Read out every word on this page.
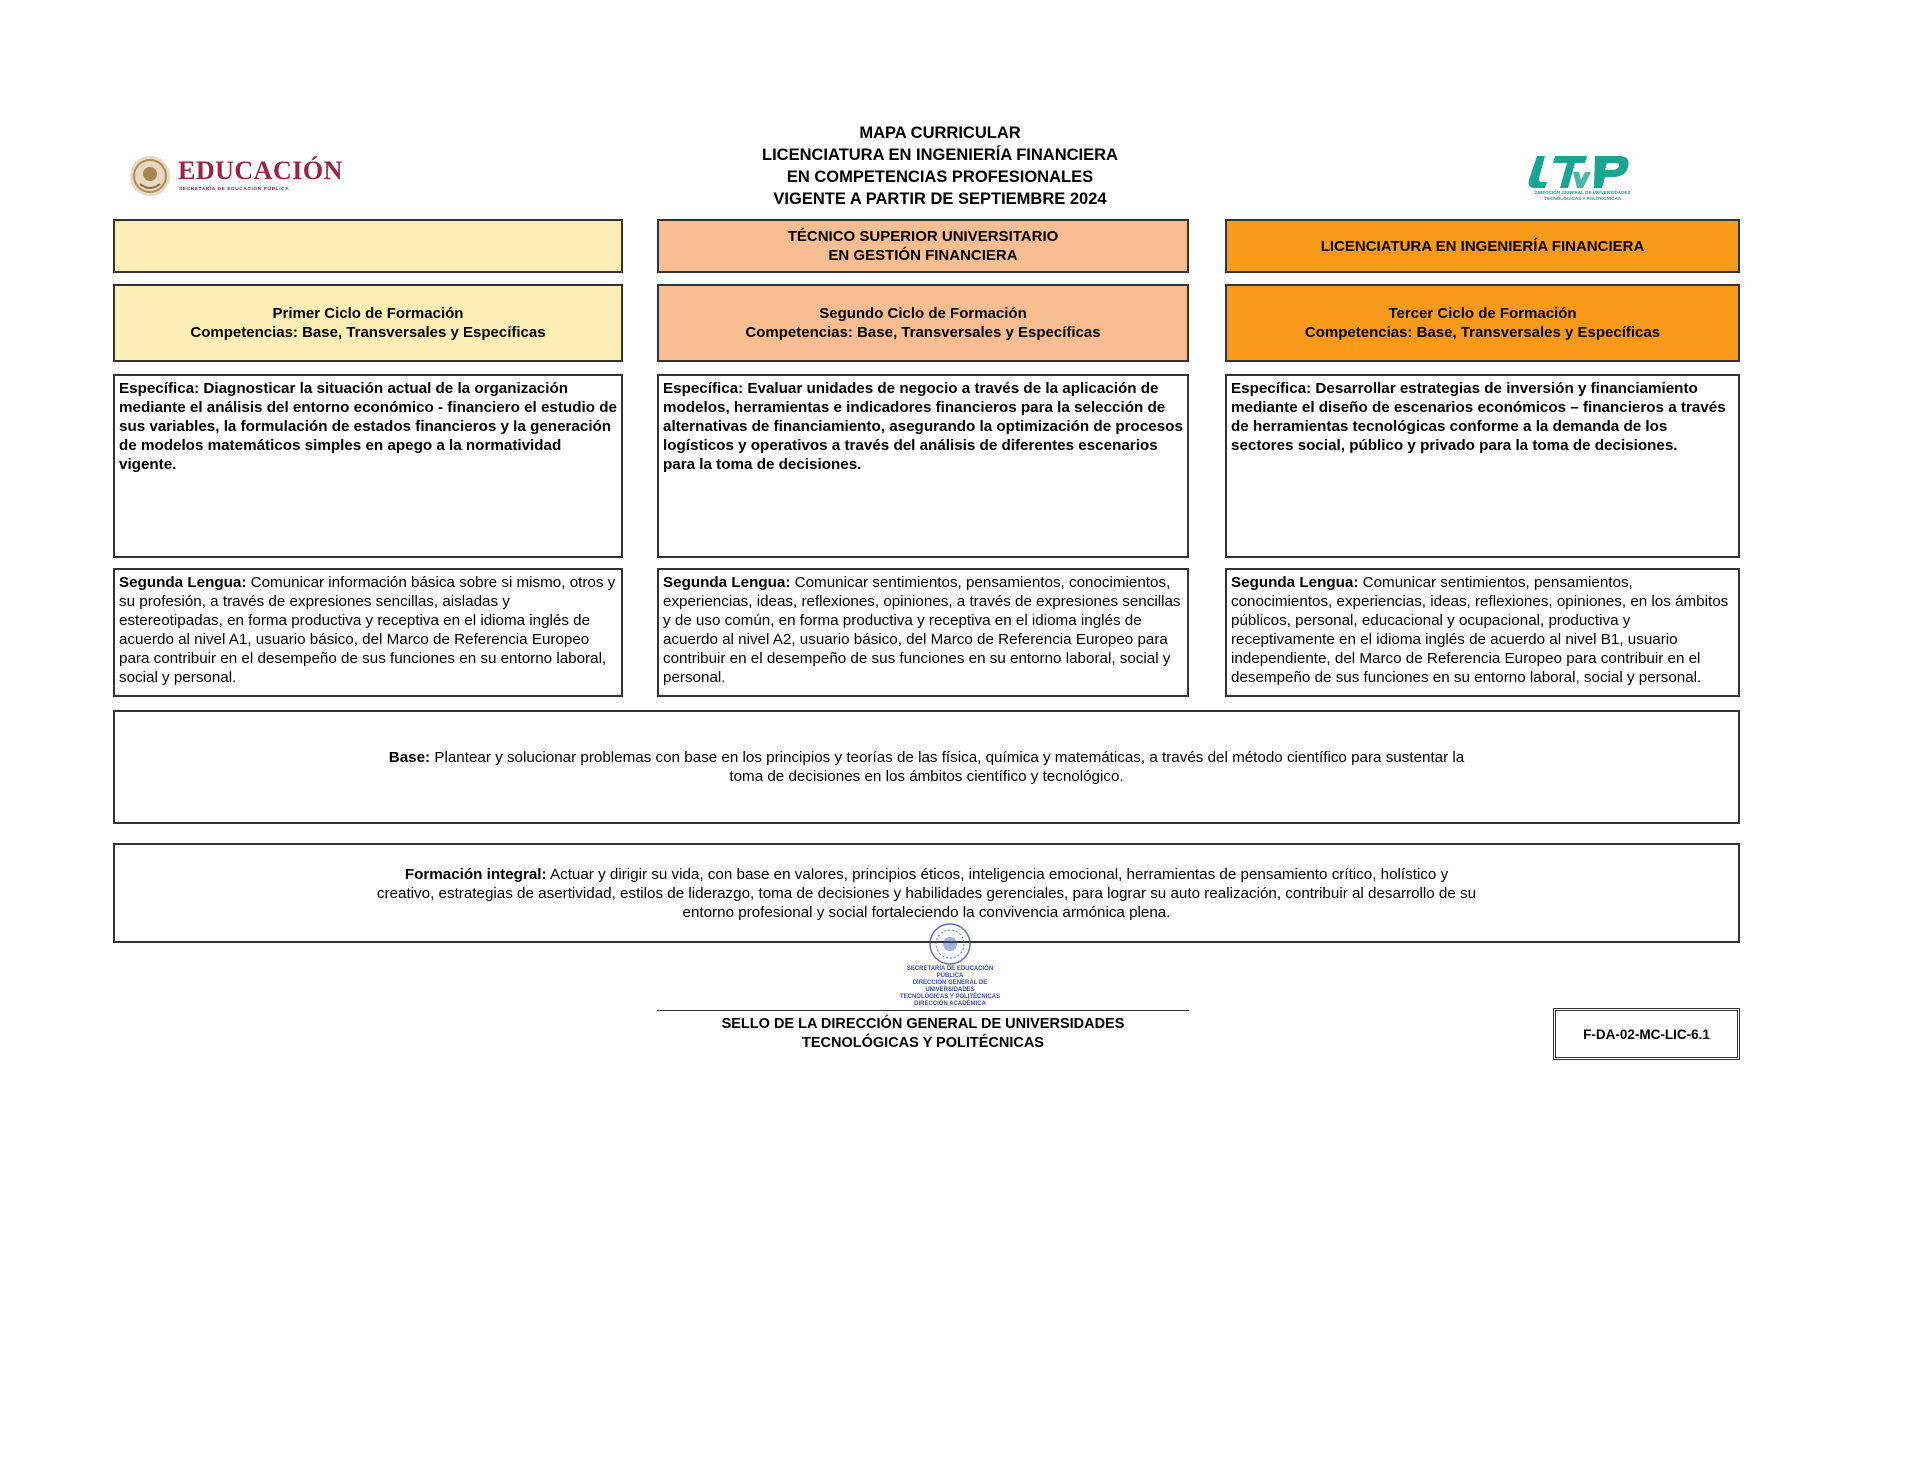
EDUCACIÓN
SECRETARÍA DE EDUCACIÓN PÚBLICA
MAPA CURRICULAR
LICENCIATURA EN INGENIERÍA FINANCIERA
EN COMPETENCIAS PROFESIONALES
VIGENTE A PARTIR DE SEPTIEMBRE 2024	DIRECCIÓN GENERAL DE UNIVERSIDADES
TECNOLÓGICAS Y POLITÉCNICAS
TÉCNICO SUPERIOR UNIVERSITARIO
EN GESTIÓN FINANCIERA
LICENCIATURA EN INGENIERÍA FINANCIERA
Primer Ciclo de Formación
Competencias: Base, Transversales y Específicas
Segundo Ciclo de Formación
Competencias: Base, Transversales y Específicas
Tercer Ciclo de Formación
Competencias: Base, Transversales y Específicas
Específica: Diagnosticar la situación actual de la organización mediante el análisis del entorno económico - financiero el estudio de sus variables, la formulación de estados financieros y la generación de modelos matemáticos simples en apego a la normatividad vigente.
Específica: Evaluar unidades de negocio a través de la aplicación de modelos, herramientas e indicadores financieros para la selección de alternativas de financiamiento, asegurando la optimización de procesos logísticos y operativos a través del análisis de diferentes escenarios para la toma de decisiones.
Específica: Desarrollar estrategias de inversión y financiamiento mediante el diseño de escenarios económicos – financieros a través de herramientas tecnológicas conforme a la demanda de los sectores social, público y privado para la toma de decisiones.
Segunda Lengua: Comunicar información básica sobre si mismo, otros y su profesión, a través de expresiones sencillas, aisladas y estereotipadas, en forma productiva y receptiva en el idioma inglés de acuerdo al nivel A1, usuario básico, del Marco de Referencia Europeo para contribuir en el desempeño de sus funciones en su entorno laboral, social y personal.
Segunda Lengua: Comunicar sentimientos, pensamientos, conocimientos, experiencias, ideas, reflexiones, opiniones, a través de expresiones sencillas y de uso común, en forma productiva y receptiva en el idioma inglés de acuerdo al nivel A2, usuario básico, del Marco de Referencia Europeo para contribuir en el desempeño de sus funciones en su entorno laboral, social y personal.
Segunda Lengua: Comunicar sentimientos, pensamientos, conocimientos, experiencias, ideas, reflexiones, opiniones, en los ámbitos públicos, personal, educacional y ocupacional, productiva y receptivamente en el idioma inglés de acuerdo al nivel B1, usuario independiente, del Marco de Referencia Europeo para contribuir en el desempeño de sus funciones en su entorno laboral, social y personal.
Base: Plantear y solucionar problemas con base en los principios y teorías de las física, química y matemáticas, a través del método científico para sustentar la toma de decisiones en los ámbitos científico y tecnológico.
Formación integral: Actuar y dirigir su vida, con base en valores, principios éticos, inteligencia emocional, herramientas de pensamiento crítico, holístico y creativo, estrategias de asertividad, estilos de liderazgo, toma de decisiones y habilidades gerenciales, para lograr su auto realización, contribuir al desarrollo de su entorno profesional y social fortaleciendo la convivencia armónica plena.
SECRETARÍA DE EDUCACIÓN PÚBLICA
DIRECCIÓN GENERAL DE UNIVERSIDADES
TECNOLÓGICAS Y POLITÉCNICAS
DIRECCIÓN ACADÉMICA
SELLO DE LA DIRECCIÓN GENERAL DE UNIVERSIDADES
TECNOLÓGICAS Y POLITÉCNICAS
F-DA-02-MC-LIC-6.1
